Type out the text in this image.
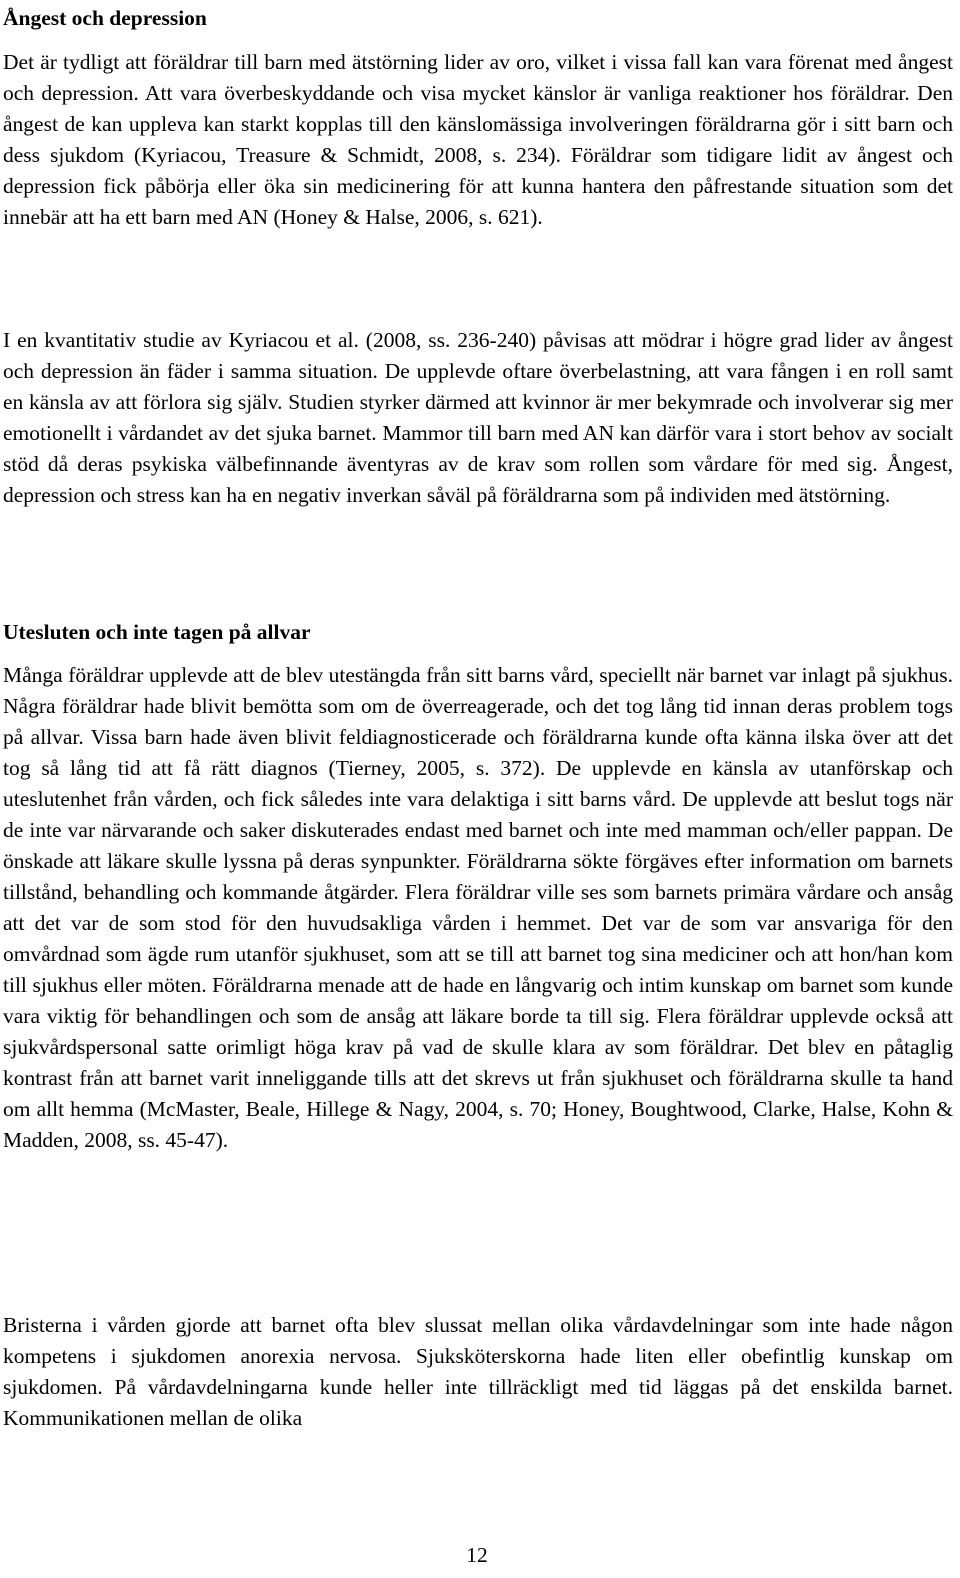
Ångest och depression

Det är tydligt att föräldrar till barn med ätstörning lider av oro, vilket i vissa fall kan vara förenat med ångest och depression. Att vara överbeskyddande och visa mycket känslor är vanliga reaktioner hos föräldrar. Den ångest de kan uppleva kan starkt kopplas till den känslomässiga involveringen föräldrarna gör i sitt barn och dess sjukdom (Kyriacou, Treasure & Schmidt, 2008, s. 234). Föräldrar som tidigare lidit av ångest och depression fick påbörja eller öka sin medicinering för att kunna hantera den påfrestande situation som det innebär att ha ett barn med AN (Honey & Halse, 2006, s. 621).

I en kvantitativ studie av Kyriacou et al. (2008, ss. 236-240) påvisas att mödrar i högre grad lider av ångest och depression än fäder i samma situation. De upplevde oftare överbelastning, att vara fången i en roll samt en känsla av att förlora sig själv. Studien styrker därmed att kvinnor är mer bekymrade och involverar sig mer emotionellt i vårdandet av det sjuka barnet. Mammor till barn med AN kan därför vara i stort behov av socialt stöd då deras psykiska välbefinnande äventyras av de krav som rollen som vårdare för med sig. Ångest, depression och stress kan ha en negativ inverkan såväl på föräldrarna som på individen med ätstörning.

Utesluten och inte tagen på allvar

Många föräldrar upplevde att de blev utestängda från sitt barns vård, speciellt när barnet var inlagt på sjukhus. Några föräldrar hade blivit bemötta som om de överreagerade, och det tog lång tid innan deras problem togs på allvar. Vissa barn hade även blivit feldiagnosticerade och föräldrarna kunde ofta känna ilska över att det tog så lång tid att få rätt diagnos (Tierney, 2005, s. 372). De upplevde en känsla av utanförskap och uteslutenhet från vården, och fick således inte vara delaktiga i sitt barns vård. De upplevde att beslut togs när de inte var närvarande och saker diskuterades endast med barnet och inte med mamman och/eller pappan. De önskade att läkare skulle lyssna på deras synpunkter. Föräldrarna sökte förgäves efter information om barnets tillstånd, behandling och kommande åtgärder. Flera föräldrar ville ses som barnets primära vårdare och ansåg att det var de som stod för den huvudsakliga vården i hemmet. Det var de som var ansvariga för den omvårdnad som ägde rum utanför sjukhuset, som att se till att barnet tog sina mediciner och att hon/han kom till sjukhus eller möten. Föräldrarna menade att de hade en långvarig och intim kunskap om barnet som kunde vara viktig för behandlingen och som de ansåg att läkare borde ta till sig. Flera föräldrar upplevde också att sjukvårdspersonal satte orimligt höga krav på vad de skulle klara av som föräldrar. Det blev en påtaglig kontrast från att barnet varit inneliggande tills att det skrevs ut från sjukhuset och föräldrarna skulle ta hand om allt hemma (McMaster, Beale, Hillege & Nagy, 2004, s. 70; Honey, Boughtwood, Clarke, Halse, Kohn & Madden, 2008, ss. 45-47).

Bristerna i vården gjorde att barnet ofta blev slussat mellan olika vårdavdelningar som inte hade någon kompetens i sjukdomen anorexia nervosa. Sjuksköterskorna hade liten eller obefintlig kunskap om sjukdomen. På vårdavdelningarna kunde heller inte tillräckligt med tid läggas på det enskilda barnet. Kommunikationen mellan de olika

12
